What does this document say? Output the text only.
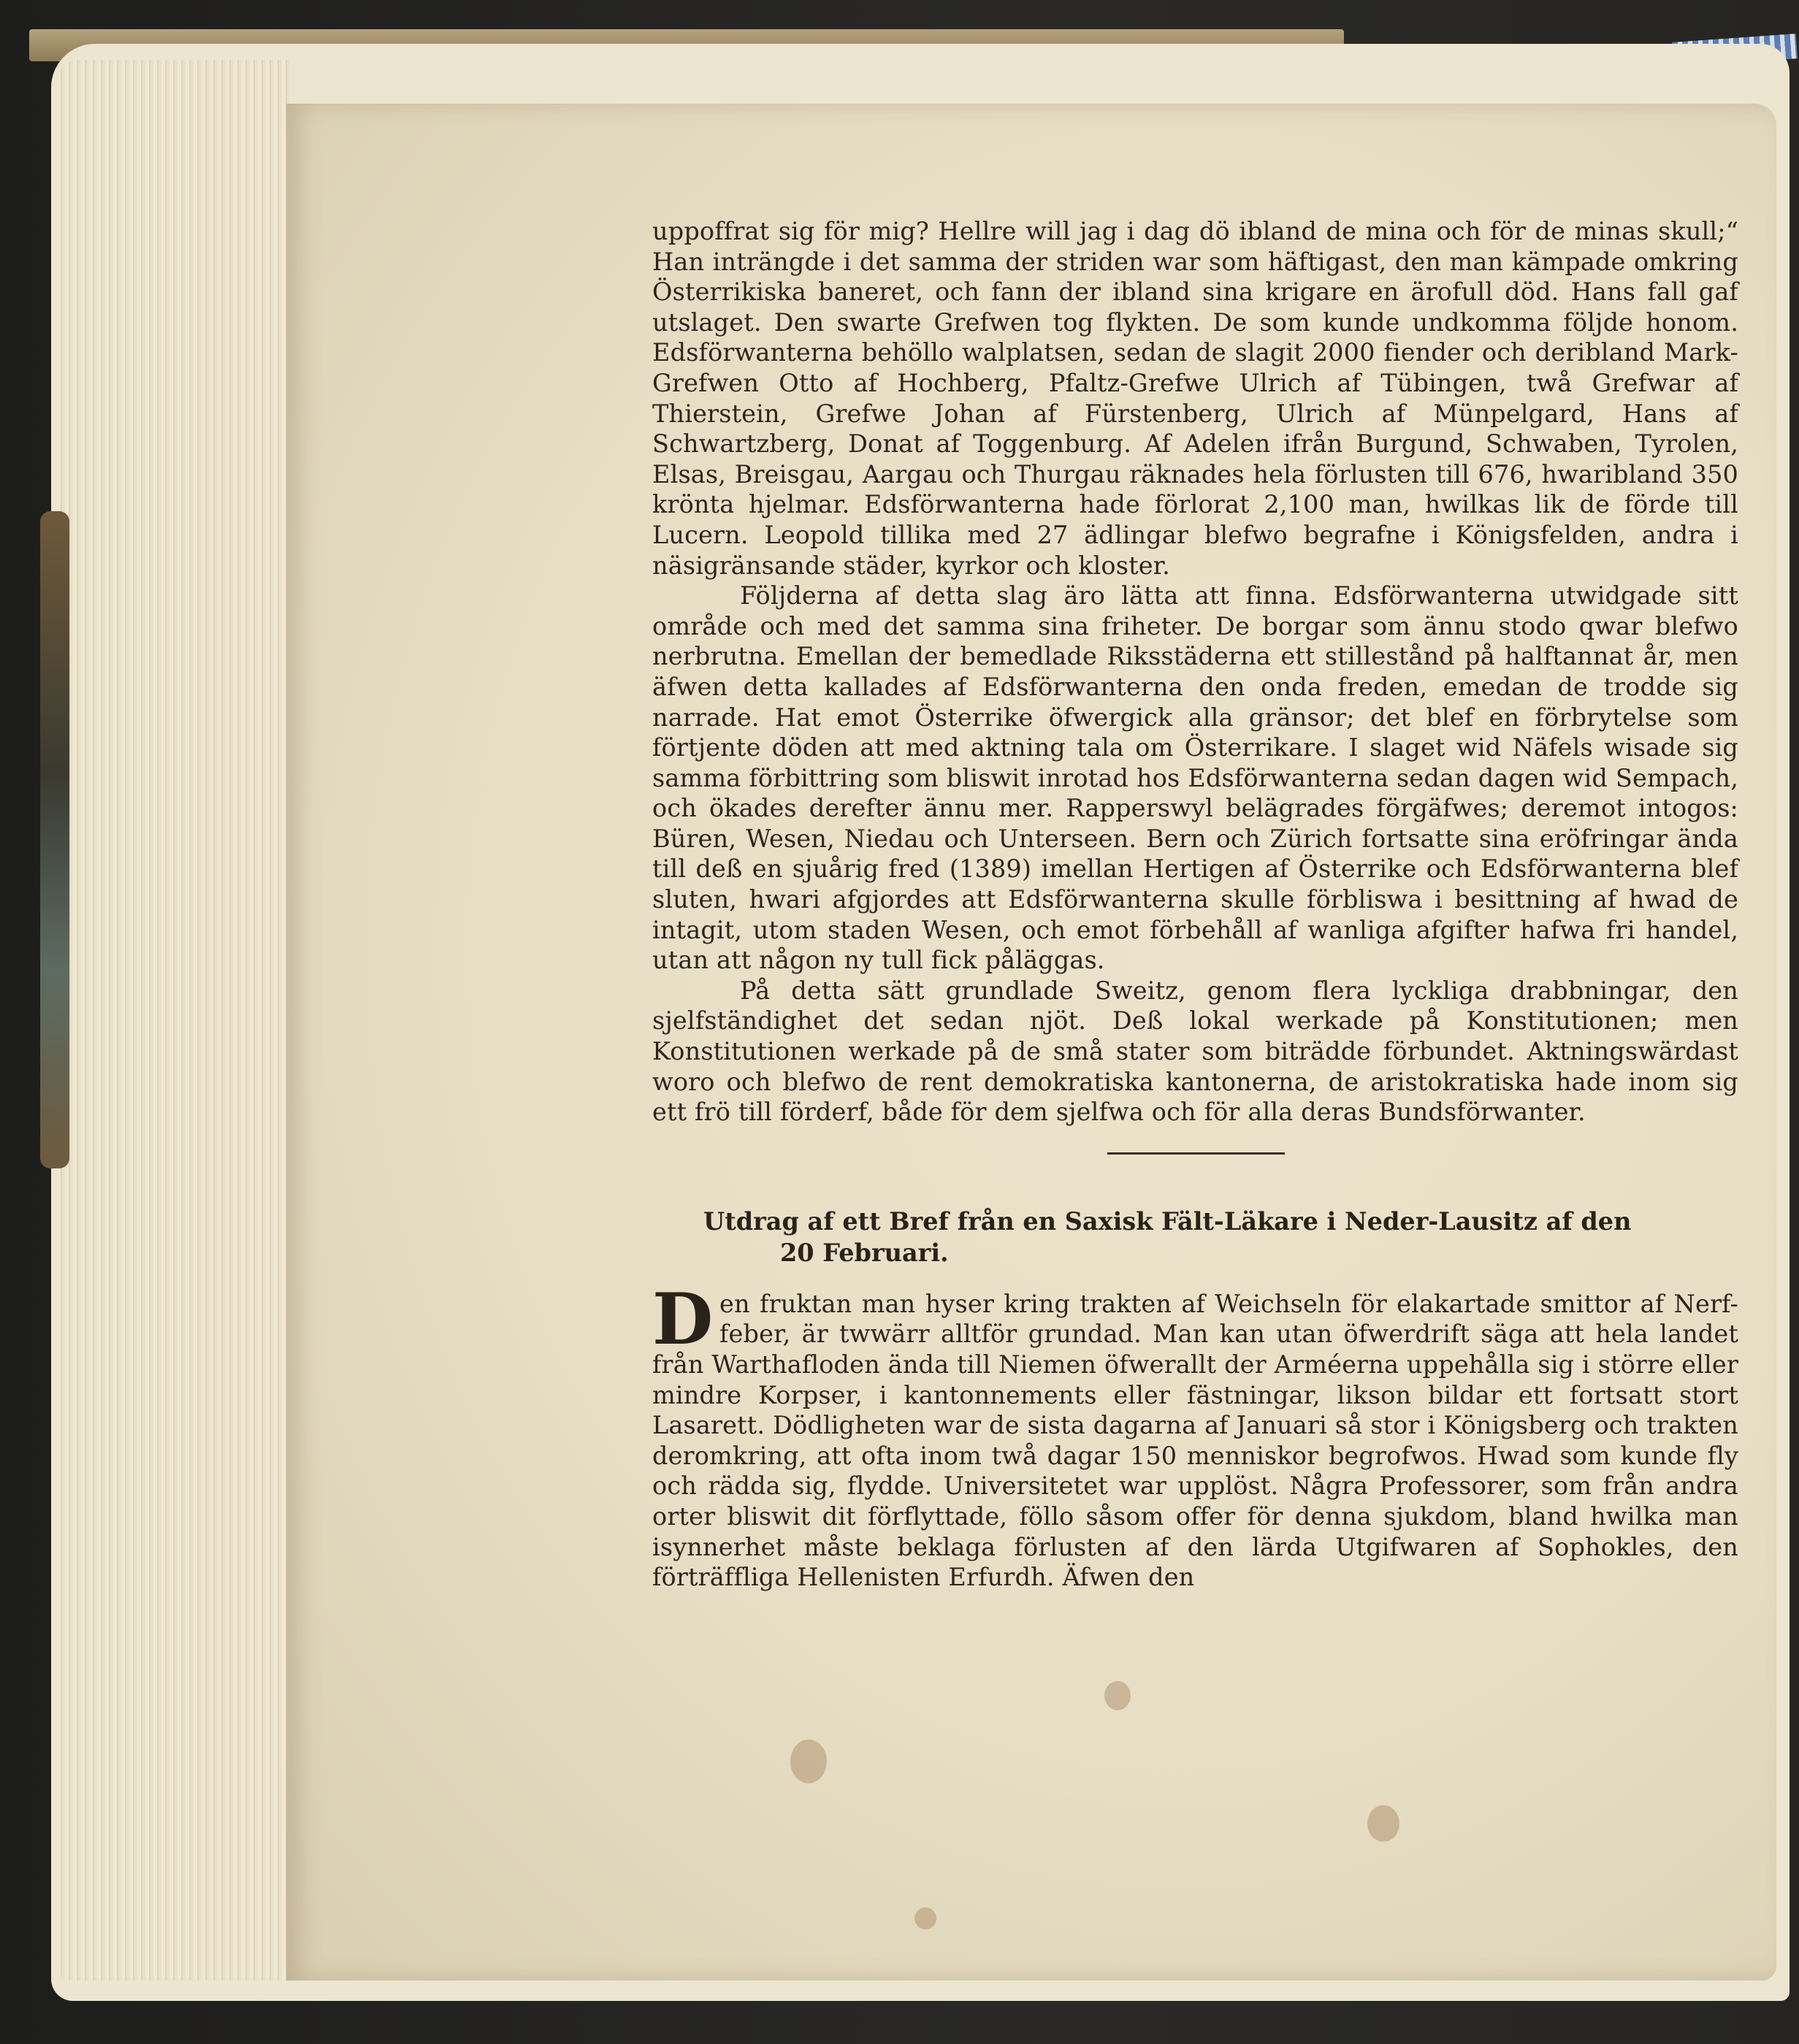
uppoffrat sig för mig? Hellre will jag i dag dö ibland de mina och för de minas skull;“ Han inträngde i det samma der striden war som häftigast, den man kämpade omkring Österrikiska baneret, och fann der ibland sina krigare en ärofull död. Hans fall gaf utslaget. Den swarte Grefwen tog flykten. De som kunde undkomma följde honom. Edsförwanterna behöllo walplatsen, sedan de slagit 2000 fiender och deribland Mark-Grefwen Otto af Hochberg, Pfaltz-Grefwe Ulrich af Tübingen, twå Grefwar af Thierstein, Grefwe Johan af Fürstenberg, Ulrich af Münpelgard, Hans af Schwartzberg, Donat af Toggenburg. Af Adelen ifrån Burgund, Schwaben, Tyrolen, Elsas, Breisgau, Aargau och Thurgau räknades hela förlusten till 676, hwaribland 350 krönta hjelmar. Edsförwanterna hade förlorat 2,100 man, hwilkas lik de förde till Lucern. Leopold tillika med 27 ädlingar blefwo begrafne i Königsfelden, andra i näsigränsande städer, kyrkor och kloster.

Följderna af detta slag äro lätta att finna. Edsförwanterna utwidgade sitt område och med det samma sina friheter. De borgar som ännu stodo qwar blefwo nerbrutna. Emellan der bemedlade Riksstäderna ett stillestånd på halftannat år, men äfwen detta kallades af Edsförwanterna den onda freden, emedan de trodde sig narrade. Hat emot Österrike öfwergick alla gränsor; det blef en förbrytelse som förtjente döden att med aktning tala om Österrikare. I slaget wid Näfels wisade sig samma förbittring som bliswit inrotad hos Edsförwanterna sedan dagen wid Sempach, och ökades derefter ännu mer. Rapperswyl belägrades förgäfwes; deremot intogos: Büren, Wesen, Niedau och Unterseen. Bern och Zürich fortsatte sina eröfringar ända till deß en sjuårig fred (1389) imellan Hertigen af Österrike och Edsförwanterna blef sluten, hwari afgjordes att Edsförwanterna skulle förbliswa i besittning af hwad de intagit, utom staden Wesen, och emot förbehåll af wanliga afgifter hafwa fri handel, utan att någon ny tull fick påläggas.

På detta sätt grundlade Sweitz, genom flera lyckliga drabbningar, den sjelfständighet det sedan njöt. Deß lokal werkade på Konstitutionen; men Konstitutionen werkade på de små stater som biträdde förbundet. Aktningswärdast woro och blefwo de rent demokratiska kantonerna, de aristokratiska hade inom sig ett frö till förderf, både för dem sjelfwa och för alla deras Bundsförwanter.

Utdrag af ett Bref från en Saxisk Fält-Läkare i Neder-Lausitz af den
20 Februari.
D en fruktan man hyser kring trakten af Weichseln för elakartade smittor af Nerf-feber, är twwärr alltför grundad. Man kan utan öfwerdrift säga att hela landet från Warthafloden ända till Niemen öfwerallt der Arméerna uppehålla sig i större eller mindre Korpser, i kantonnements eller fästningar, likson bildar ett fortsatt stort Lasarett. Dödligheten war de sista dagarna af Januari så stor i Königsberg och trakten deromkring, att ofta inom twå dagar 150 menniskor begrofwos. Hwad som kunde fly och rädda sig, flydde. Universitetet war upplöst. Några Professorer, som från andra orter bliswit dit förflyttade, föllo såsom offer för denna sjukdom, bland hwilka man isynnerhet måste beklaga förlusten af den lärda Utgifwaren af Sophokles, den förträffliga Hellenisten Erfurdh. Äfwen den
